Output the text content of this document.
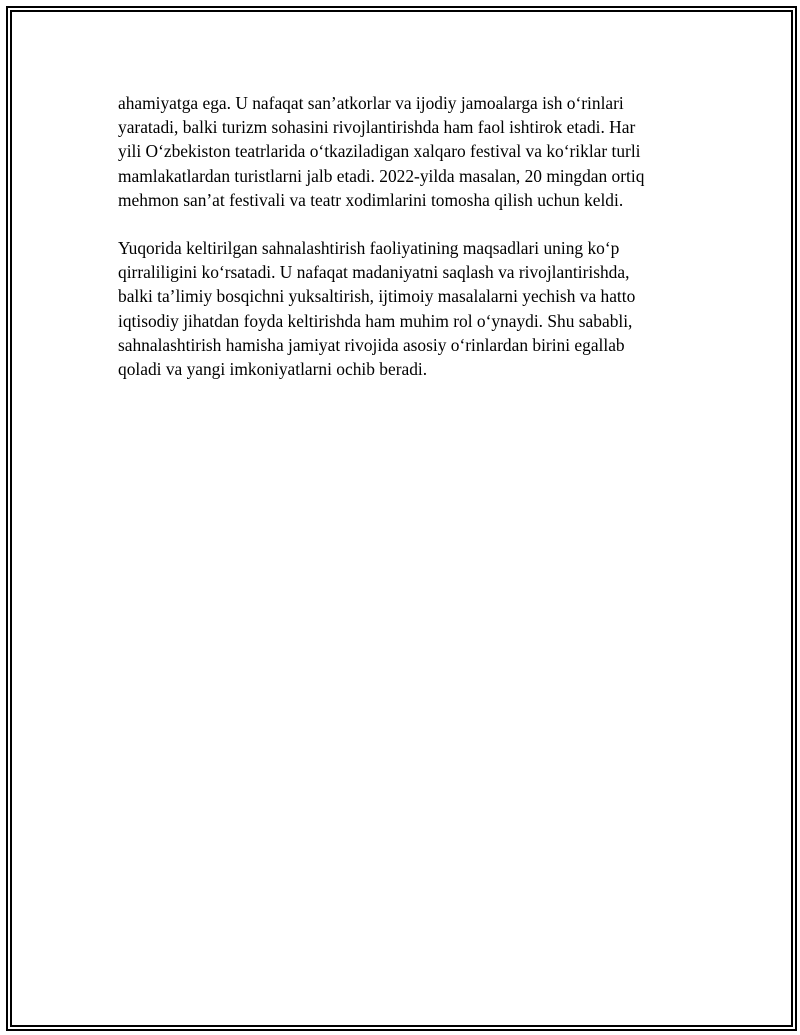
ahamiyatga ega. U nafaqat san’atkorlar va ijodiy jamoalarga ish o‘rinlari
yaratadi, balki turizm sohasini rivojlantirishda ham faol ishtirok etadi. Har
yili O‘zbekiston teatrlarida o‘tkaziladigan xalqaro festival va ko‘riklar turli
mamlakatlardan turistlarni jalb etadi. 2022-yilda masalan, 20 mingdan ortiq
mehmon san’at festivali va teatr xodimlarini tomosha qilish uchun keldi.

Yuqorida keltirilgan sahnalashtirish faoliyatining maqsadlari uning ko‘p
qirraliligini ko‘rsatadi. U nafaqat madaniyatni saqlash va rivojlantirishda,
balki ta’limiy bosqichni yuksaltirish, ijtimoiy masalalarni yechish va hatto
iqtisodiy jihatdan foyda keltirishda ham muhim rol o‘ynaydi. Shu sababli,
sahnalashtirish hamisha jamiyat rivojida asosiy o‘rinlardan birini egallab
qoladi va yangi imkoniyatlarni ochib beradi.
